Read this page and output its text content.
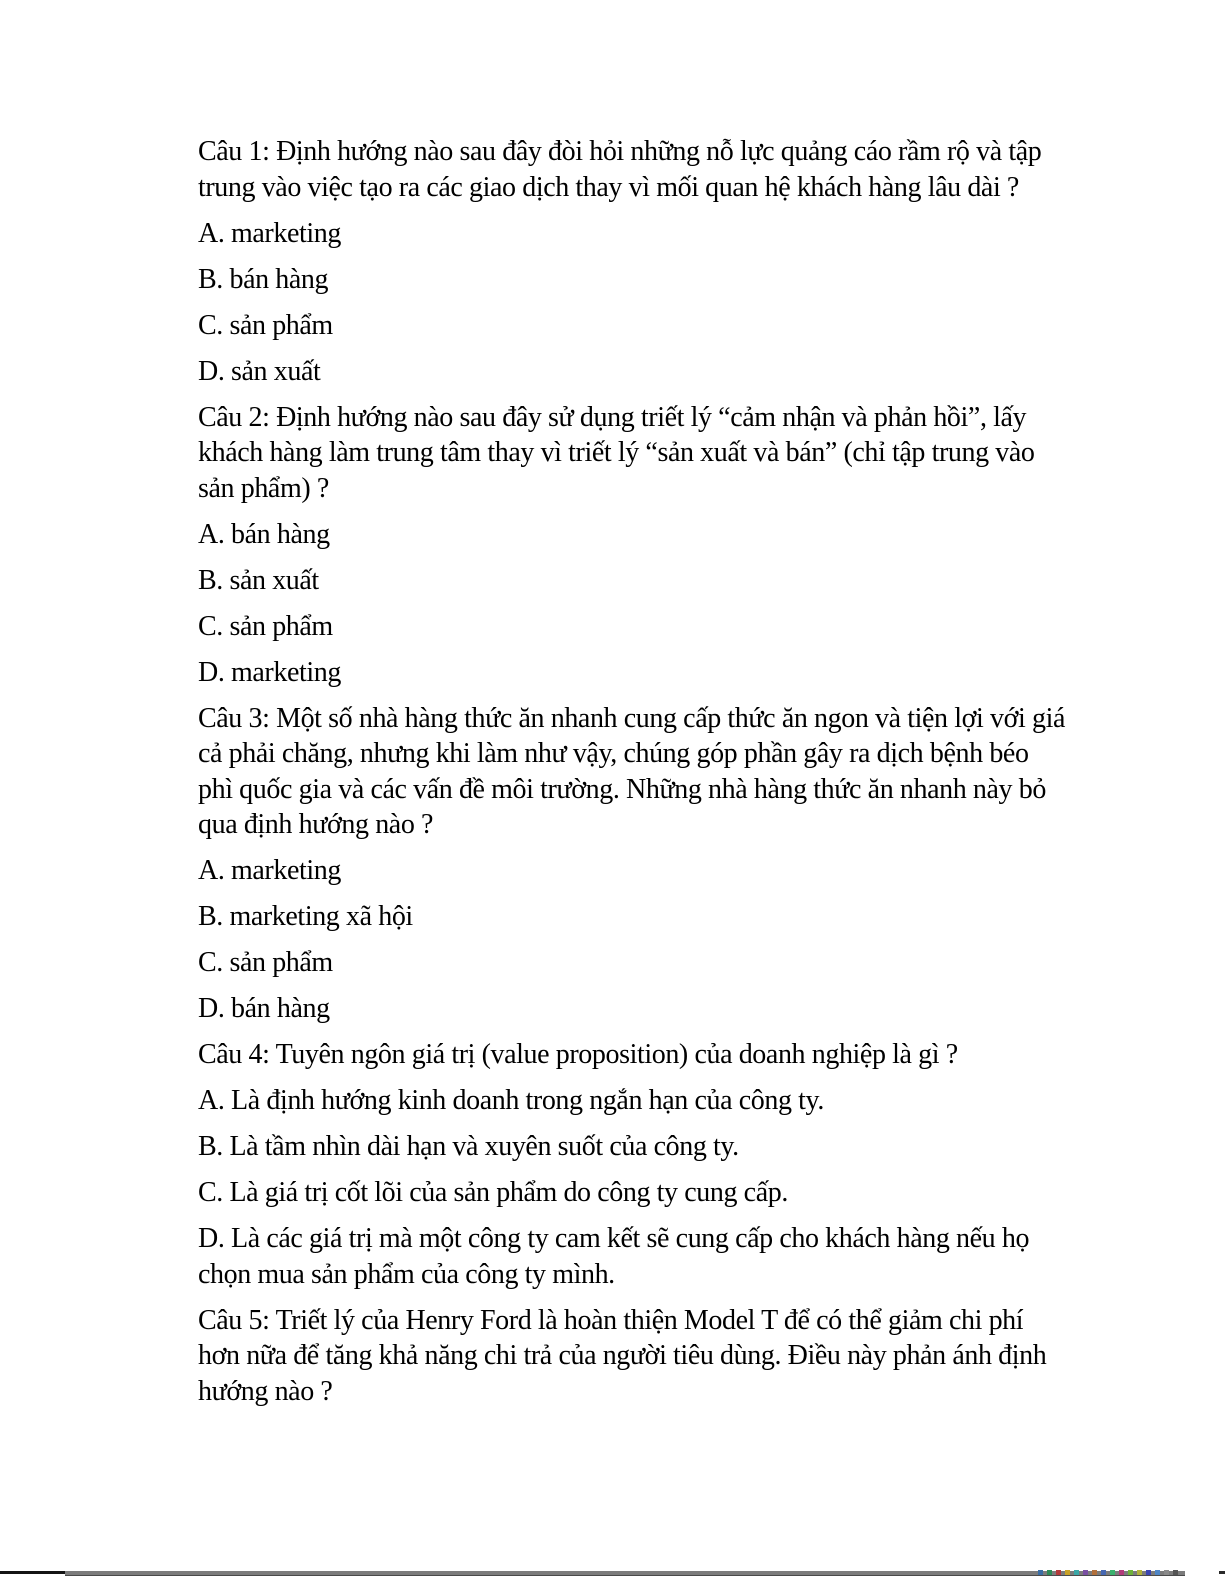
Câu 1: Định hướng nào sau đây đòi hỏi những nỗ lực quảng cáo rầm rộ và tập
trung vào việc tạo ra các giao dịch thay vì mối quan hệ khách hàng lâu dài ?
A. marketing
B. bán hàng
C. sản phẩm
D. sản xuất
Câu 2: Định hướng nào sau đây sử dụng triết lý “cảm nhận và phản hồi”, lấy
khách hàng làm trung tâm thay vì triết lý “sản xuất và bán” (chỉ tập trung vào
sản phẩm) ?
A. bán hàng
B. sản xuất
C. sản phẩm
D. marketing
Câu 3: Một số nhà hàng thức ăn nhanh cung cấp thức ăn ngon và tiện lợi với giá
cả phải chăng, nhưng khi làm như vậy, chúng góp phần gây ra dịch bệnh béo
phì quốc gia và các vấn đề môi trường. Những nhà hàng thức ăn nhanh này bỏ
qua định hướng nào ?
A. marketing
B. marketing xã hội
C. sản phẩm
D. bán hàng
Câu 4: Tuyên ngôn giá trị (value proposition) của doanh nghiệp là gì ?
A. Là định hướng kinh doanh trong ngắn hạn của công ty.
B. Là tầm nhìn dài hạn và xuyên suốt của công ty.
C. Là giá trị cốt lõi của sản phẩm do công ty cung cấp.
D. Là các giá trị mà một công ty cam kết sẽ cung cấp cho khách hàng nếu họ
chọn mua sản phẩm của công ty mình.
Câu 5: Triết lý của Henry Ford là hoàn thiện Model T để có thể giảm chi phí
hơn nữa để tăng khả năng chi trả của người tiêu dùng. Điều này phản ánh định
hướng nào ?
